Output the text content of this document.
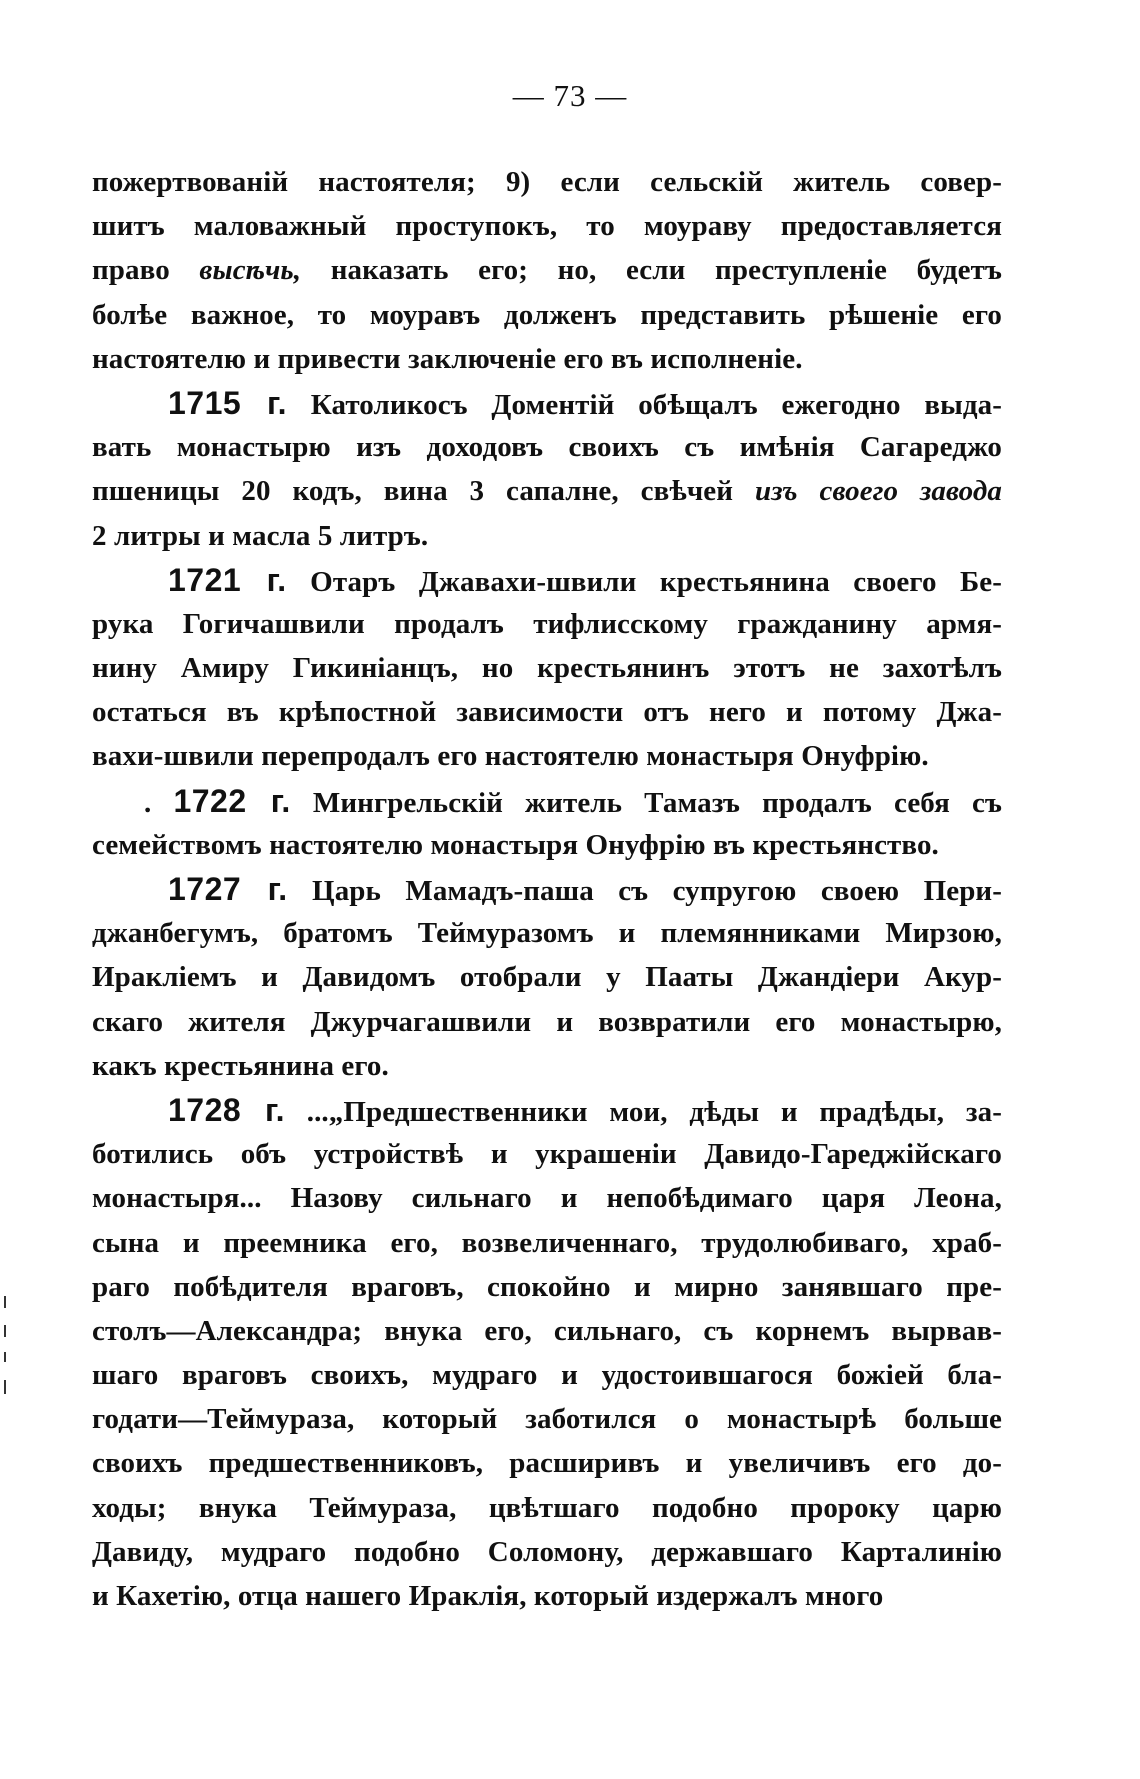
— 73 —
пожертвованій настоятеля; 9) если сельскій житель совер-
шитъ маловажный проступокъ, то моураву предоставляется
право высѣчь, наказать его; но, если преступленіе будетъ
болѣе важное, то моуравъ долженъ представить рѣшеніе его
настоятелю и привести заключеніе его въ исполненіе.
1715 г. Католикосъ Доментій обѣщалъ ежегодно выда-
вать монастырю изъ доходовъ своихъ съ имѣнія Сагареджо
пшеницы 20 кодъ, вина 3 сапалне, свѣчей изъ своего завода
2 литры и масла 5 литръ.
1721 г. Отаръ Джавахи-швили крестьянина своего Бе-
рука Гогичашвили продалъ тифлисскому гражданину армя-
нину Амиру Гикиніанцъ, но крестьянинъ этотъ не захотѣлъ
остаться въ крѣпостной зависимости отъ него и потому Джа-
вахи-швили перепродалъ его настоятелю монастыря Онуфрію.
. 1722 г. Мингрельскій житель Тамазъ продалъ себя съ
семействомъ настоятелю монастыря Онуфрію въ крестьянство.
1727 г. Царь Мамадъ-паша съ супругою своею Пери-
джанбегумъ, братомъ Теймуразомъ и племянниками Мирзою,
Ираклiемъ и Давидомъ отобрали у Пааты Джандiери Акур-
скаго жителя Джурчагашвили и возвратили его монастырю,
какъ крестьянина его.
1728 г. ...„Предшественники мои, дѣды и прадѣды, за-
ботились объ устройствѣ и украшеніи Давидо-Гареджійскаго
монастыря... Назову сильнаго и непобѣдимаго царя Леона,
сына и преемника его, возвеличеннаго, трудолюбиваго, храб-
раго побѣдителя враговъ, спокойно и мирно занявшаго пре-
столъ—Александра; внука его, сильнаго, съ корнемъ вырвав-
шаго враговъ своихъ, мудраго и удостоившагося божіей бла-
годати—Теймураза, который заботился о монастырѣ больше
своихъ предшественниковъ, расширивъ и увеличивъ его до-
ходы; внука Теймураза, цвѣтшаго подобно пророку царю
Давиду, мудраго подобно Соломону, державшаго Карталинію
и Кахетію, отца нашего Ираклія, который издержалъ много
